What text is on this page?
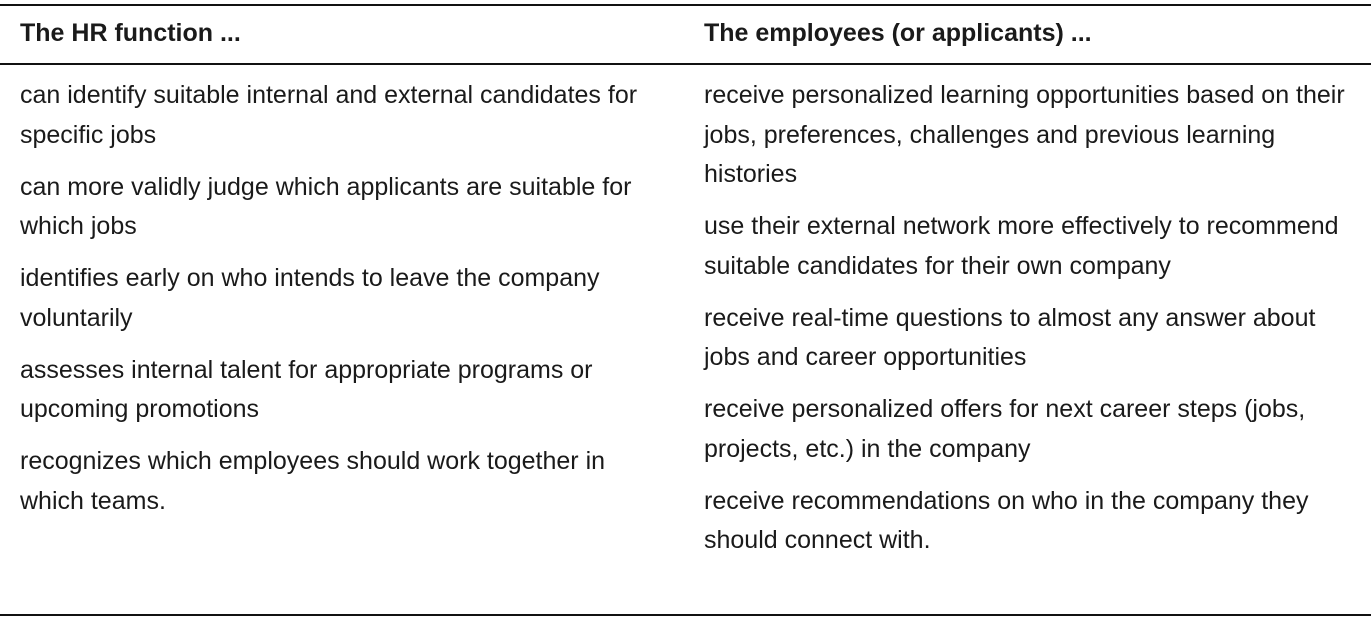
The HR function ...	The employees (or applicants) ...
can identify suitable internal and external candidates for specific jobs
can more validly judge which applicants are suitable for which jobs
identifies early on who intends to leave the company voluntarily
assesses internal talent for appropriate programs or upcoming promotions
recognizes which employees should work together in which teams.
receive personalized learning opportunities based on their jobs, preferences, challenges and previous learning histories
use their external network more effectively to recommend suitable candidates for their own company
receive real-time questions to almost any answer about jobs and career opportunities
receive personalized offers for next career steps (jobs, projects, etc.) in the company
receive recommendations on who in the company they should connect with.
